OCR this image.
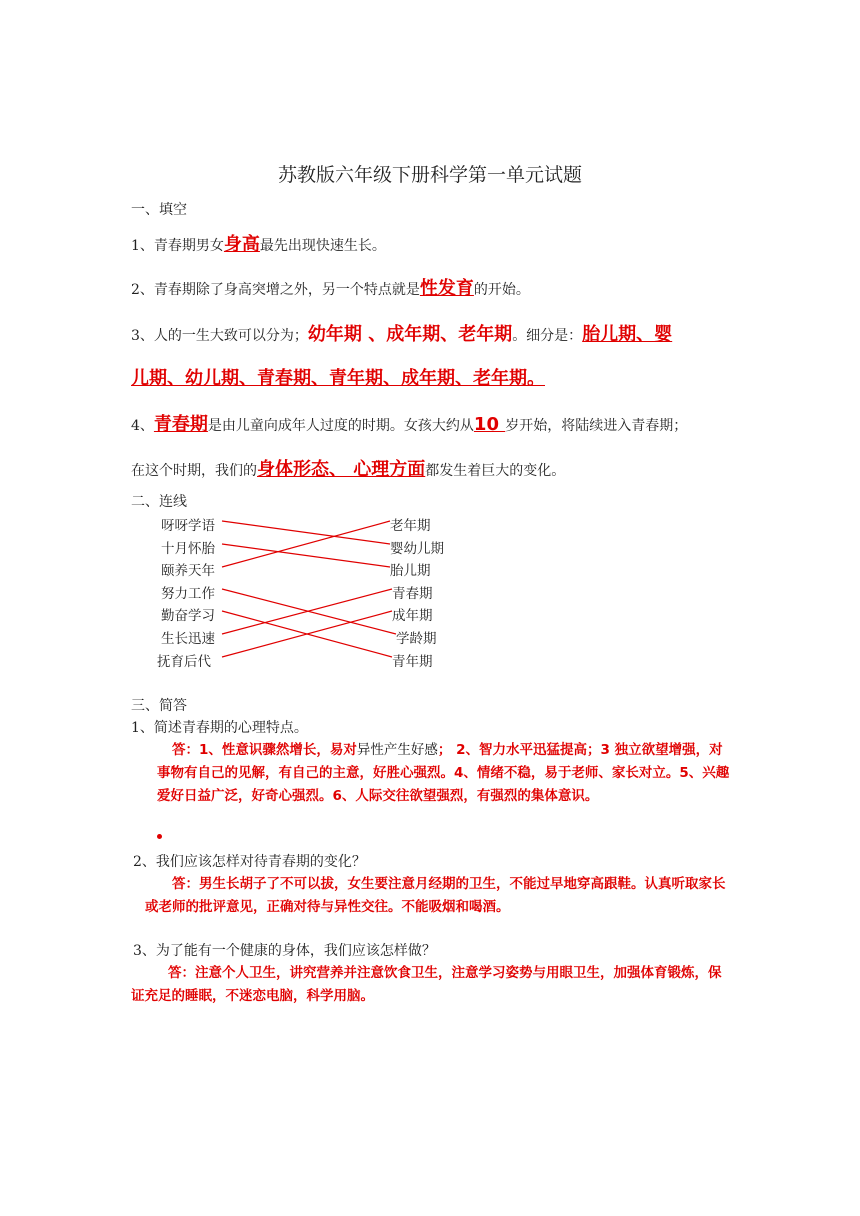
苏教版六年级下册科学第一单元试题
一、填空
1、青春期男女身高最先出现快速生长。
2、青春期除了身高突增之外，另一个特点就是性发育的开始。
3、人的一生大致可以分为；幼年期 、成年期、老年期。细分是：胎儿期、婴
儿期、幼儿期、青春期、青年期、成年期、老年期。
4、青春期是由儿童向成年人过度的时期。女孩大约从10 岁开始，将陆续进入青春期；
在这个时期，我们的身体形态、 心理方面都发生着巨大的变化。
二、连线
呀呀学语
十月怀胎
颐养天年
努力工作
勤奋学习
生长迅速
抚育后代
老年期
婴幼儿期
胎儿期
青春期
成年期
学龄期
青年期
三、简答
1、简述青春期的心理特点。
答：1、性意识骤然增长，易对异性产生好感； 2、智力水平迅猛提高；3 独立欲望增强，对事物有自己的见解，有自己的主意，好胜心强烈。4、情绪不稳，易于老师、家长对立。5、兴趣爱好日益广泛，好奇心强烈。6、人际交往欲望强烈，有强烈的集体意识。
2、我们应该怎样对待青春期的变化？
答：男生长胡子了不可以拔，女生要注意月经期的卫生，不能过早地穿高跟鞋。认真听取家长或老师的批评意见，正确对待与异性交往。不能吸烟和喝酒。
3、为了能有一个健康的身体，我们应该怎样做？
答：注意个人卫生，讲究营养并注意饮食卫生，注意学习姿势与用眼卫生，加强体育锻炼，保证充足的睡眠，不迷恋电脑，科学用脑。
